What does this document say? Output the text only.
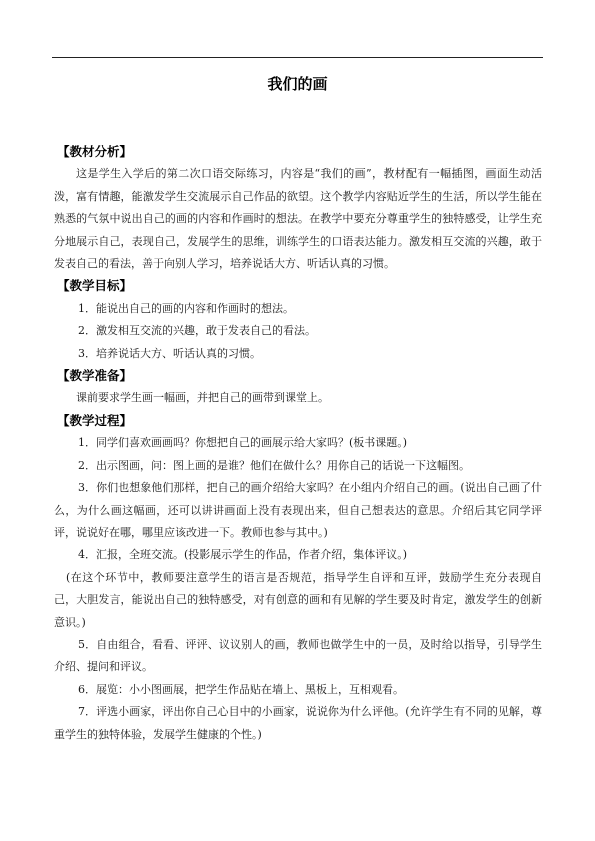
我们的画
【教材分析】

这是学生入学后的第二次口语交际练习，内容是“我们的画”，教材配有一幅插图，画面生动活泼，富有情趣，能激发学生交流展示自己作品的欲望。这个教学内容贴近学生的生活，所以学生能在熟悉的气氛中说出自己的画的内容和作画时的想法。在教学中要充分尊重学生的独特感受，让学生充分地展示自己，表现自己，发展学生的思维，训练学生的口语表达能力。激发相互交流的兴趣，敢于发表自己的看法，善于向别人学习，培养说话大方、听话认真的习惯。

【教学目标】

1．能说出自己的画的内容和作画时的想法。

2．激发相互交流的兴趣，敢于发表自己的看法。

3．培养说话大方、听话认真的习惯。

【教学准备】

课前要求学生画一幅画，并把自己的画带到课堂上。

【教学过程】

1．同学们喜欢画画吗？你想把自己的画展示给大家吗？(板书课题。)

2．出示图画，问：图上画的是谁？他们在做什么？用你自己的话说一下这幅图。

3．你们也想象他们那样，把自己的画介绍给大家吗？在小组内介绍自己的画。(说出自己画了什么，为什么画这幅画，还可以讲讲画面上没有表现出来，但自己想表达的意思。介绍后其它同学评评，说说好在哪，哪里应该改进一下。教师也参与其中。)

4．汇报，全班交流。(投影展示学生的作品，作者介绍，集体评议。)

(在这个环节中，教师要注意学生的语言是否规范，指导学生自评和互评，鼓励学生充分表现自己，大胆发言，能说出自己的独特感受，对有创意的画和有见解的学生要及时肯定，激发学生的创新意识。)

5．自由组合，看看、评评、议议别人的画，教师也做学生中的一员，及时给以指导，引导学生介绍、提问和评议。

6．展览：小小图画展，把学生作品贴在墙上、黑板上，互相观看。

7．评选小画家，评出你自己心目中的小画家，说说你为什么评他。(允许学生有不同的见解，尊重学生的独特体验，发展学生健康的个性。)
